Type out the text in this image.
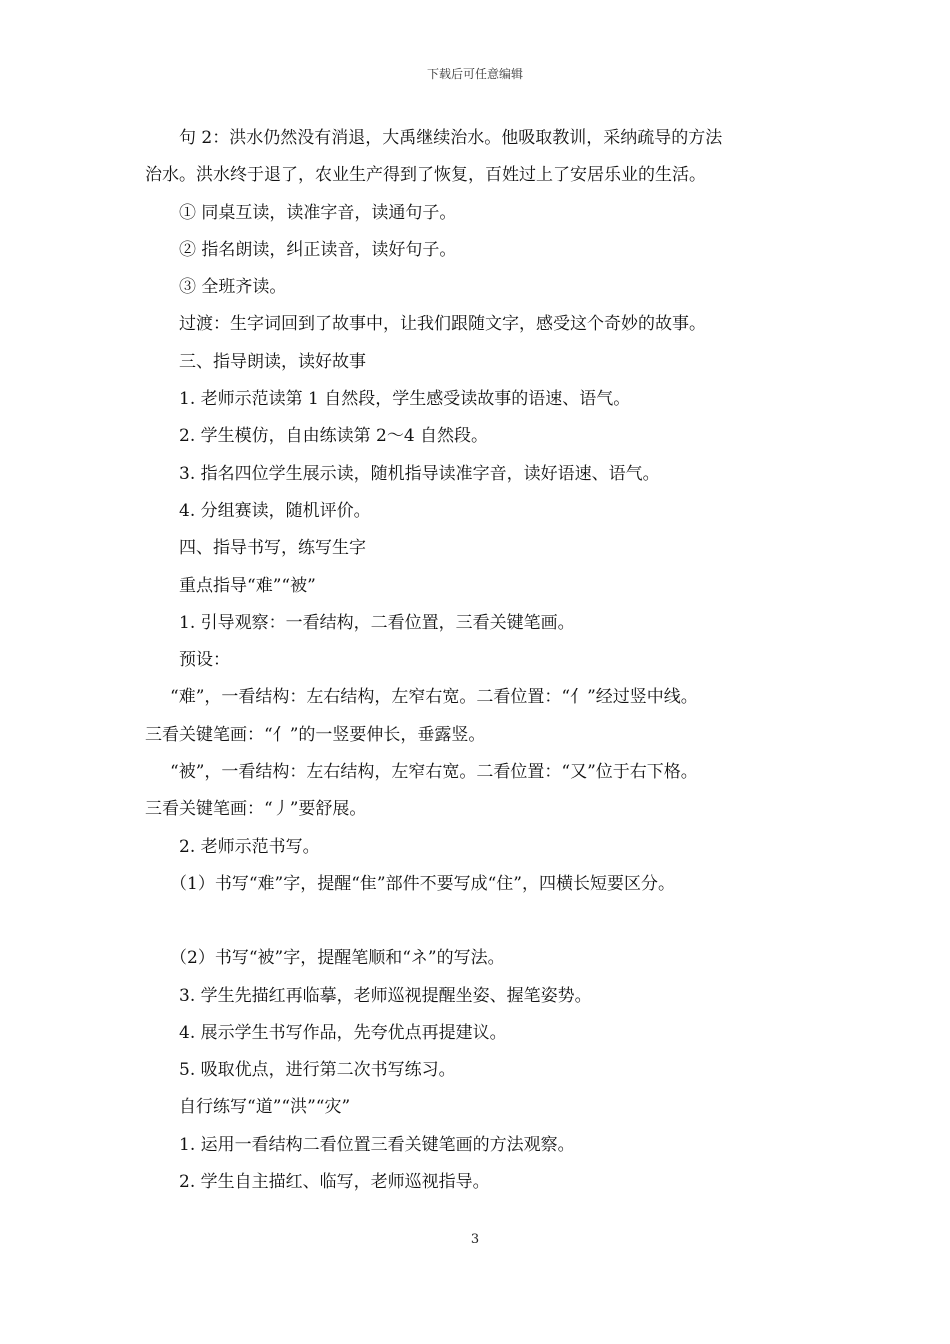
下载后可任意编辑
句 2：洪水仍然没有消退，大禹继续治水。他吸取教训，采纳疏导的方法
治水。洪水终于退了，农业生产得到了恢复，百姓过上了安居乐业的生活。
① 同桌互读，读准字音，读通句子。
② 指名朗读，纠正读音，读好句子。
③ 全班齐读。
过渡：生字词回到了故事中，让我们跟随文字，感受这个奇妙的故事。
三、指导朗读，读好故事
1. 老师示范读第 1 自然段，学生感受读故事的语速、语气。
2. 学生模仿，自由练读第 2～4 自然段。
3. 指名四位学生展示读，随机指导读准字音，读好语速、语气。
4. 分组赛读，随机评价。
四、指导书写，练写生字
重点指导“难”“被”
1. 引导观察：一看结构，二看位置，三看关键笔画。
预设：
“难”，一看结构：左右结构，左窄右宽。二看位置：“亻”经过竖中线。
三看关键笔画：“亻”的一竖要伸长，垂露竖。
“被”，一看结构：左右结构，左窄右宽。二看位置：“又”位于右下格。
三看关键笔画：“丿”要舒展。
2. 老师示范书写。
（1）书写“难”字，提醒“隹”部件不要写成“住”，四横长短要区分。
（2）书写“被”字，提醒笔顺和“ネ”的写法。
3. 学生先描红再临摹，老师巡视提醒坐姿、握笔姿势。
4. 展示学生书写作品，先夸优点再提建议。
5. 吸取优点，进行第二次书写练习。
自行练写“道”“洪”“灾”
1. 运用一看结构二看位置三看关键笔画的方法观察。
2. 学生自主描红、临写，老师巡视指导。
3
